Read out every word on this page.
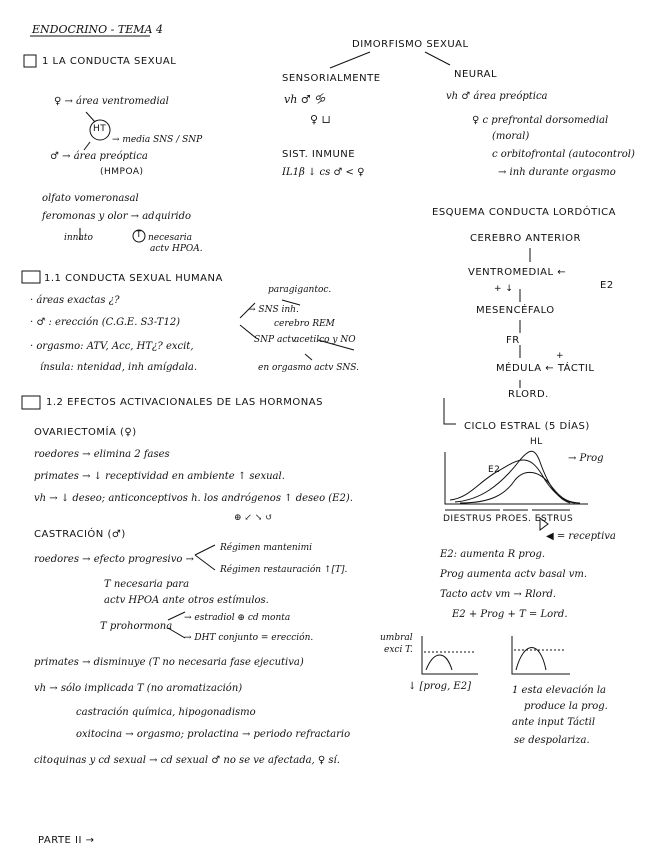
ENDOCRINO - TEMA 4
1 LA CONDUCTA SEXUAL
♀ → área ventromedial
HT
→ media SNS / SNP
♂ → área preóptica
(HMPOA)
olfato vomeronasal
feromonas y olor → adquirido
innato	T necesaria
actv HPOA.
1.1 CONDUCTA SEXUAL HUMANA
· áreas exactas ¿?
· ♂ : erección (C.G.E. S3-T12)
· orgasmo: ATV, Acc, HT¿? excit,
ínsula: ntenidad, inh amígdala.
paragigantoc.
→ SNS inh.
cerebro REM
SNP actv
acetilco y NO
en orgasmo actv SNS.
1.2 EFECTOS ACTIVACIONALES DE LAS HORMONAS
OVARIECTOMÍA (♀)
roedores → elimina 2 fases
primates → ↓ receptividad en ambiente ↑ sexual.
vh → ↓ deseo; anticonceptivos h. los andrógenos ↑ deseo (E2).
⊕ ↙ ↘ ↺
CASTRACIÓN (♂)
roedores → efecto progresivo →
Régimen mantenimi
Régimen restauración ↑[T].
T necesaria para
actv HPOA ante otros estímulos.
T prohormona
→ estradiol ⊕ cd monta
→ DHT conjunto = erección.
primates → disminuye (T no necesaria fase ejecutiva)
vh → sólo implicada T (no aromatización)
castración química, hipogonadismo
oxitocina → orgasmo; prolactina → periodo refractario
citoquinas y cd sexual → cd sexual ♂ no se ve afectada, ♀ sí.
PARTE II →
DIMORFISMO SEXUAL
SENSORIALMENTE	NEURAL
vh ♂ 🝰
♀ ⊔
SIST. INMUNE
IL1β ↓ cs ♂ < ♀
vh ♂ área preóptica
♀ c prefrontal dorsomedial
(moral)
c orbitofrontal (autocontrol)
→ inh durante orgasmo
ESQUEMA CONDUCTA LORDÓTICA
CEREBRO ANTERIOR
VENTROMEDIAL ←
E2
+ ↓
MESENCÉFALO
FR
MÉDULA ← TÁCTIL
+
RLORD.
CICLO ESTRAL (5 DÍAS)
HL
→ Prog
E2
DIESTRUS PROES. ESTRUS
◀ = receptiva
E2: aumenta R prog.
Prog aumenta actv basal vm.
Tacto actv vm → Rlord.
E2 + Prog + T = Lord.
umbral
exci T.
↓ [prog, E2]	1 esta elevación la
produce la prog.
ante input Táctil
se despolariza.
